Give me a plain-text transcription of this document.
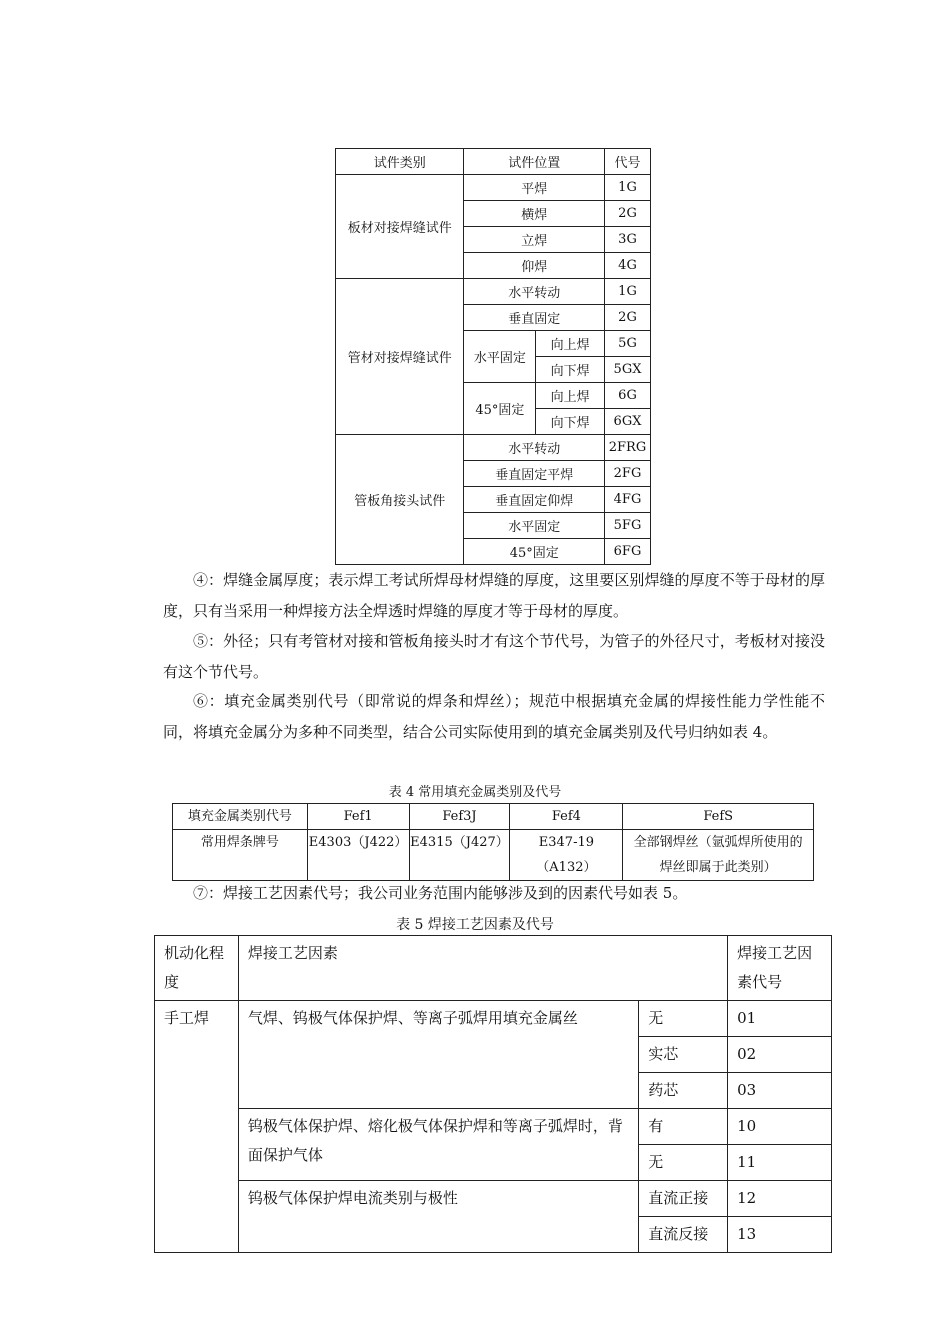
试件类别	试件位置		代号
板材对接焊缝试件	平焊		1G
	横焊		2G
	立焊		3G
	仰焊		4G
管材对接焊缝试件	水平转动		1G
	垂直固定		2G
	水平固定	向上焊	5G
		向下焊	5GX
	45°固定	向上焊	6G
		向下焊	6GX
管板角接头试件	水平转动		2FRG
	垂直固定平焊		2FG
	垂直固定仰焊		4FG
	水平固定		5FG
	45°固定		6FG

④：焊缝金属厚度；表示焊工考试所焊母材焊缝的厚度，这里要区别焊缝的厚度不等于母材的厚度，只有当采用一种焊接方法全焊透时焊缝的厚度才等于母材的厚度。

⑤：外径；只有考管材对接和管板角接头时才有这个节代号，为管子的外径尺寸，考板材对接没有这个节代号。

⑥：填充金属类别代号（即常说的焊条和焊丝）；规范中根据填充金属的焊接性能力学性能不同，将填充金属分为多种不同类型，结合公司实际使用到的填充金属类别及代号归纳如表 4。

表 4 常用填充金属类别及代号

填充金属类别代号	Fef1	Fef3J	Fef4	FefS
常用焊条牌号	E4303（J422）	E4315（J427）	E347-19（A132）	全部钢焊丝（氩弧焊所使用的焊丝即属于此类别）

⑦：焊接工艺因素代号；我公司业务范围内能够涉及到的因素代号如表 5。

表 5 焊接工艺因素及代号

机动化程度	焊接工艺因素		焊接工艺因素代号
手工焊	气焊、钨极气体保护焊、等离子弧焊用填充金属丝	无	01
		实芯	02
		药芯	03
	钨极气体保护焊、熔化极气体保护焊和等离子弧焊时，背面保护气体	有	10
		无	11
	钨极气体保护焊电流类别与极性	直流正接	12
		直流反接	13
